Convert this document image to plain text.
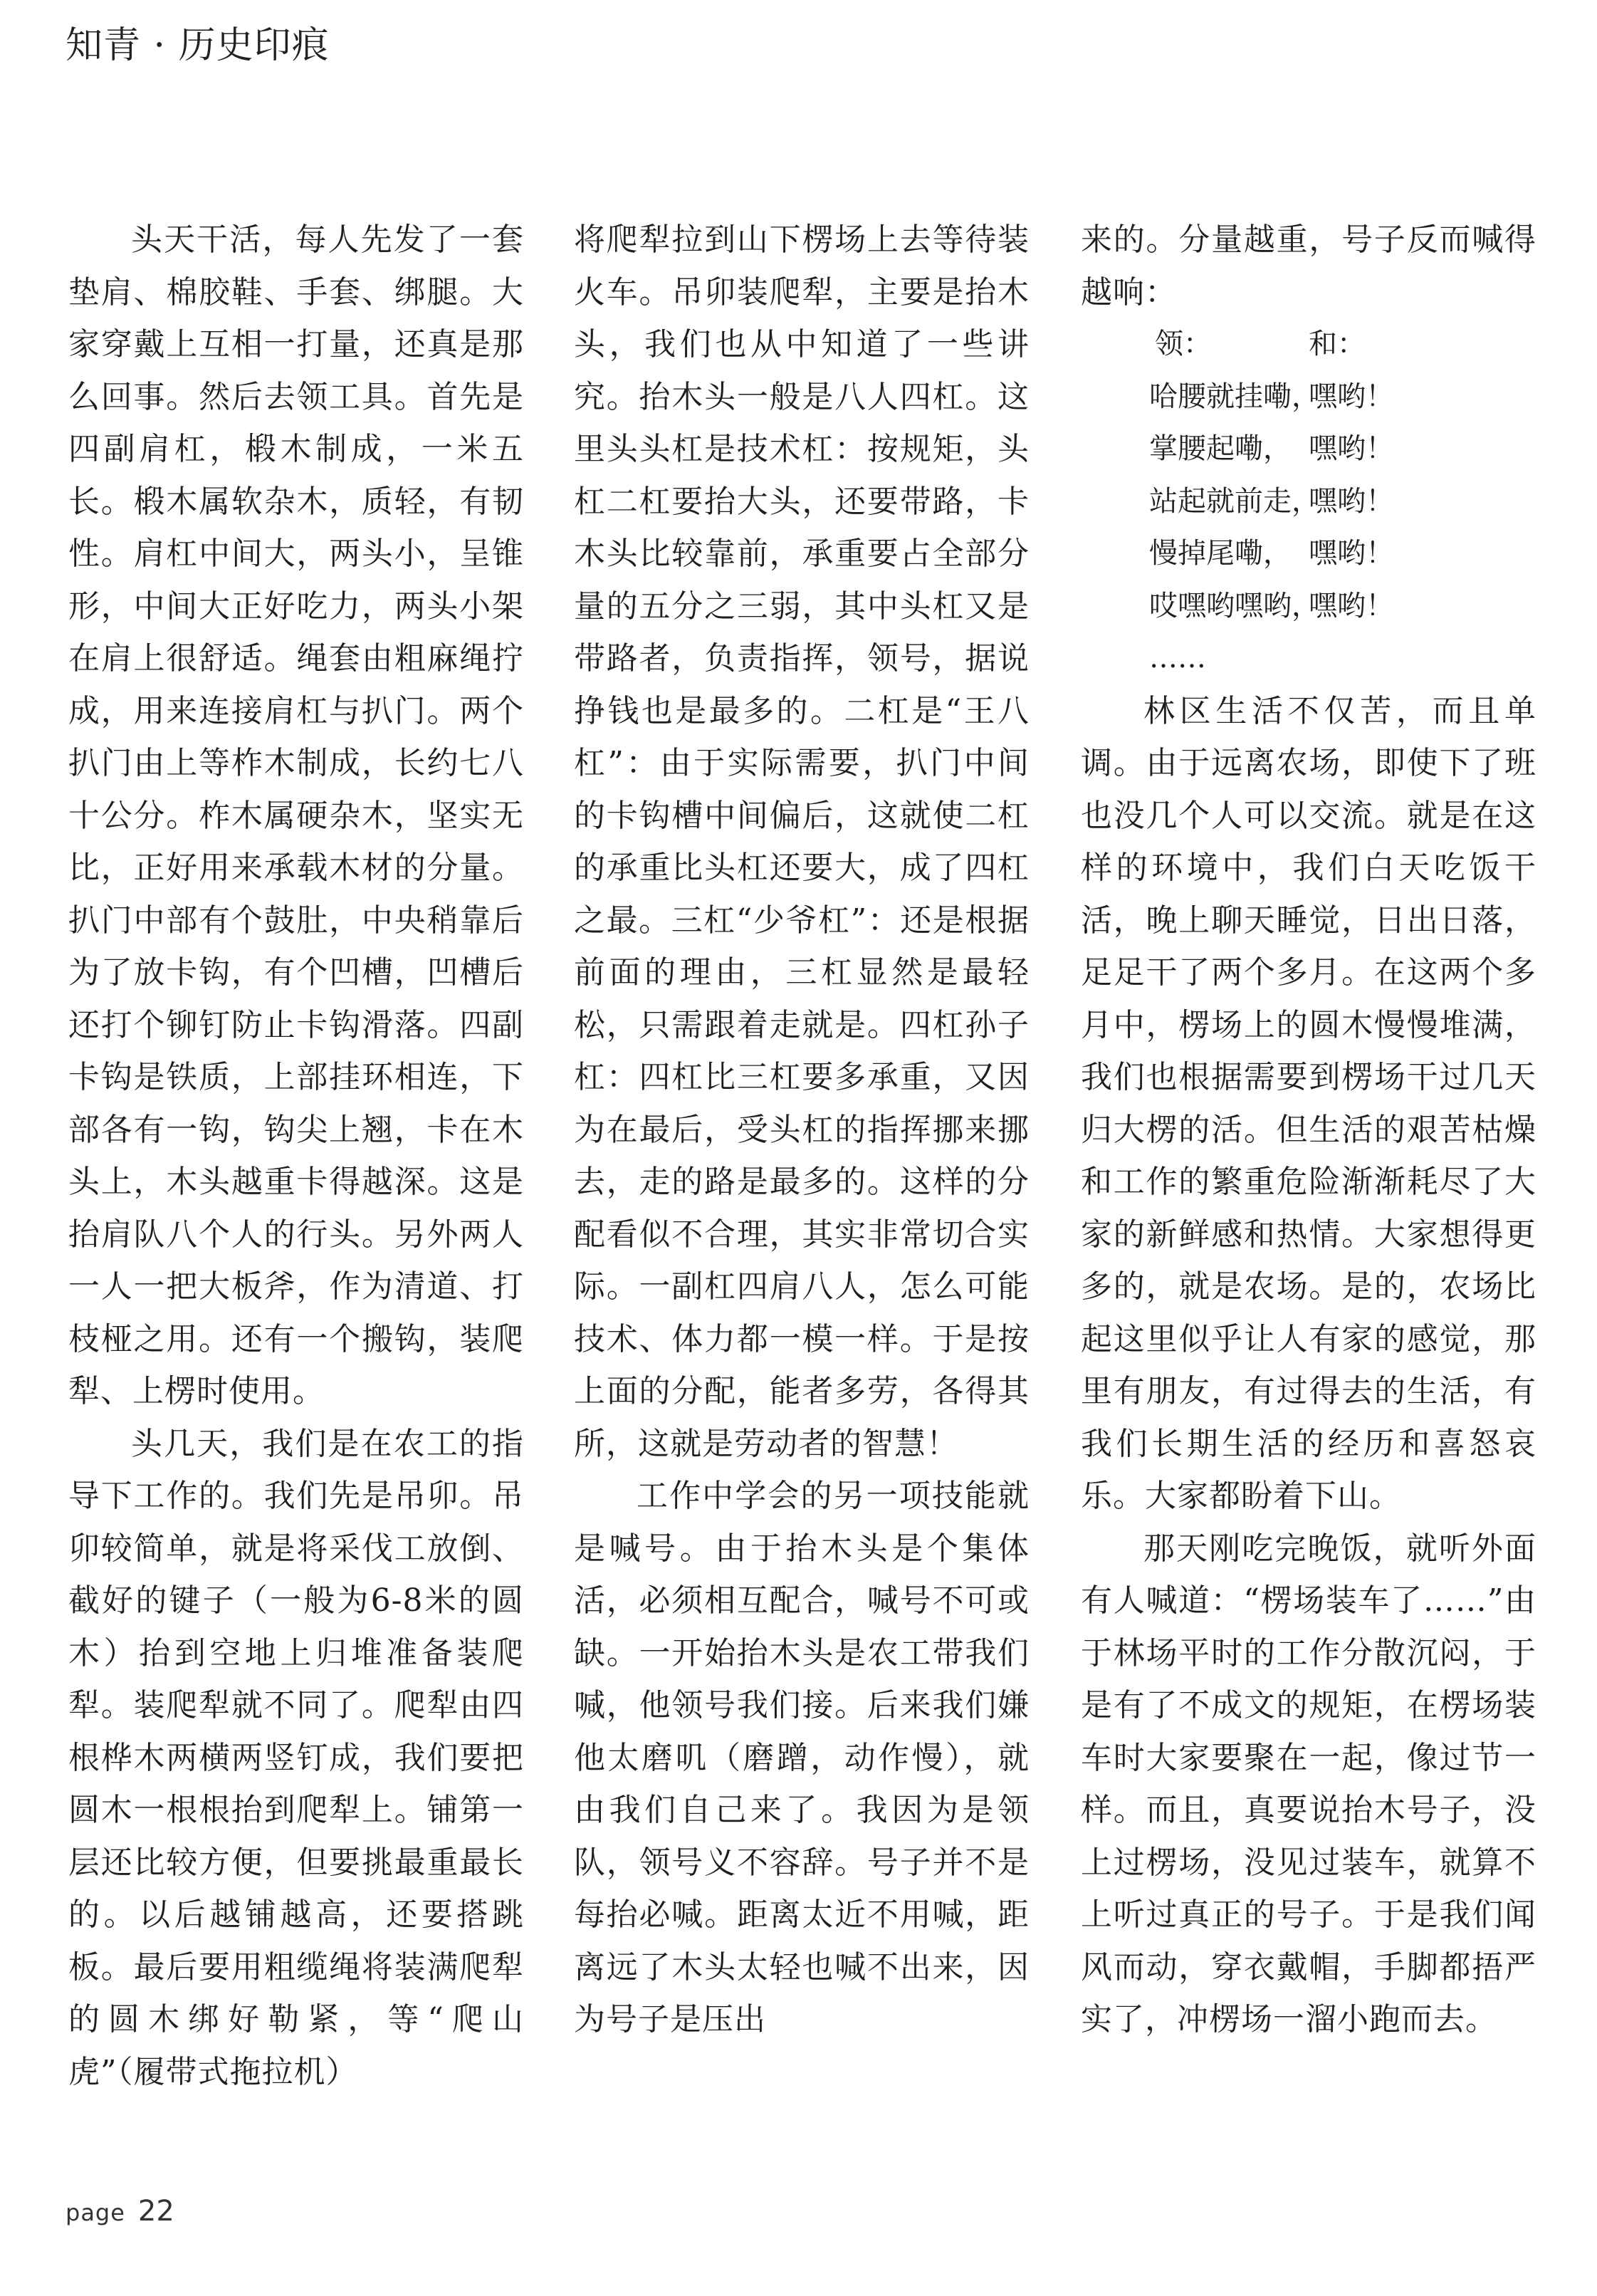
知青 · 历史印痕

头天干活，每人先发了一套垫肩、棉胶鞋、手套、绑腿。大家穿戴上互相一打量，还真是那么回事。然后去领工具。首先是四副肩杠，椴木制成，一米五长。椴木属软杂木，质轻，有韧性。肩杠中间大，两头小，呈锥形，中间大正好吃力，两头小架在肩上很舒适。绳套由粗麻绳拧成，用来连接肩杠与扒门。两个扒门由上等柞木制成，长约七八十公分。柞木属硬杂木，坚实无比，正好用来承载木材的分量。扒门中部有个鼓肚，中央稍靠后为了放卡钩，有个凹槽，凹槽后还打个铆钉防止卡钩滑落。四副卡钩是铁质，上部挂环相连，下部各有一钩，钩尖上翘，卡在木头上，木头越重卡得越深。这是抬肩队八个人的行头。另外两人一人一把大板斧，作为清道、打枝桠之用。还有一个搬钩，装爬犁、上楞时使用。

头几天，我们是在农工的指导下工作的。我们先是吊卯。吊卯较简单，就是将采伐工放倒、截好的键子（一般为6-8米的圆木）抬到空地上归堆准备装爬犁。装爬犁就不同了。爬犁由四根桦木两横两竖钉成，我们要把圆木一根根抬到爬犁上。铺第一层还比较方便，但要挑最重最长的。以后越铺越高，还要搭跳板。最后要用粗缆绳将装满爬犁的圆木绑好勒紧，等“爬山虎”（履带式拖拉机）

将爬犁拉到山下楞场上去等待装火车。吊卯装爬犁，主要是抬木头，我们也从中知道了一些讲究。抬木头一般是八人四杠。这里头头杠是技术杠：按规矩，头杠二杠要抬大头，还要带路，卡木头比较靠前，承重要占全部分量的五分之三弱，其中头杠又是带路者，负责指挥，领号，据说挣钱也是最多的。二杠是“王八杠”：由于实际需要，扒门中间的卡钩槽中间偏后，这就使二杠的承重比头杠还要大，成了四杠之最。三杠“少爷杠”：还是根据前面的理由，三杠显然是最轻松，只需跟着走就是。四杠孙子杠：四杠比三杠要多承重，又因为在最后，受头杠的指挥挪来挪去，走的路是最多的。这样的分配看似不合理，其实非常切合实际。一副杠四肩八人，怎么可能技术、体力都一模一样。于是按上面的分配，能者多劳，各得其所，这就是劳动者的智慧！

工作中学会的另一项技能就是喊号。由于抬木头是个集体活，必须相互配合，喊号不可或缺。一开始抬木头是农工带我们喊，他领号我们接。后来我们嫌他太磨叽（磨蹭，动作慢），就由我们自己来了。我因为是领队，领号义不容辞。号子并不是每抬必喊。距离太近不用喊，距离远了木头太轻也喊不出来，因为号子是压出

来的。分量越重，号子反而喊得越响：

领：	和：
哈腰就挂嘞，
嘿哟！
掌腰起嘞， 嘿哟！
站起就前走，
嘿哟！
慢掉尾嘞， 嘿哟！
哎嘿哟嘿哟，
嘿哟！
……

林区生活不仅苦，而且单调。由于远离农场，即使下了班也没几个人可以交流。就是在这样的环境中，我们白天吃饭干活，晚上聊天睡觉，日出日落，足足干了两个多月。在这两个多月中，楞场上的圆木慢慢堆满，我们也根据需要到楞场干过几天归大楞的活。但生活的艰苦枯燥和工作的繁重危险渐渐耗尽了大家的新鲜感和热情。大家想得更多的，就是农场。是的，农场比起这里似乎让人有家的感觉，那里有朋友，有过得去的生活，有我们长期生活的经历和喜怒哀乐。大家都盼着下山。

那天刚吃完晚饭，就听外面有人喊道：“楞场装车了……”由于林场平时的工作分散沉闷，于是有了不成文的规矩，在楞场装车时大家要聚在一起，像过节一样。而且，真要说抬木号子，没上过楞场，没见过装车，就算不上听过真正的号子。于是我们闻风而动，穿衣戴帽，手脚都捂严实了，冲楞场一溜小跑而去。

page 22
